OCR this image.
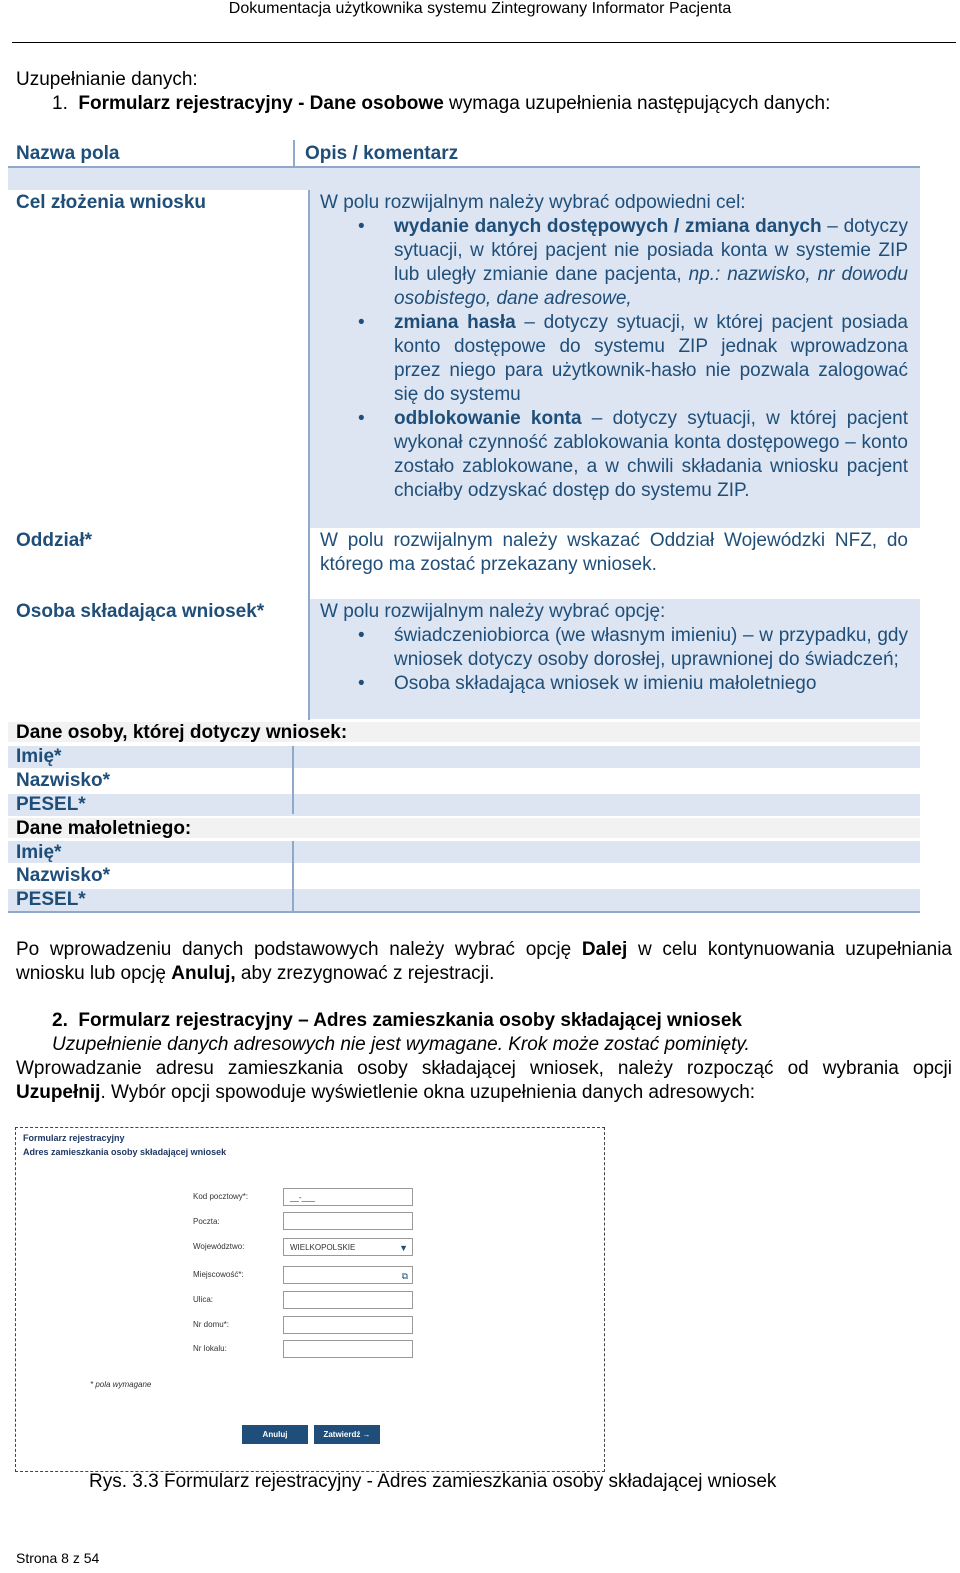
Dokumentacja użytkownika systemu Zintegrowany Informator Pacjenta
Uzupełnianie danych:
1. Formularz rejestracyjny - Dane osobowe wymaga uzupełnienia następujących danych:
Nazwa pola	Opis / komentarz
Cel złożenia wniosku	W polu rozwijalnym należy wybrać odpowiedni cel:
• wydanie danych dostępowych / zmiana danych – dotyczy sytuacji, w której pacjent nie posiada konta w systemie ZIP lub uległy zmianie dane pacjenta, np.: nazwisko, nr dowodu osobistego, dane adresowe,
• zmiana hasła – dotyczy sytuacji, w której pacjent posiada konto dostępowe do systemu ZIP jednak wprowadzona przez niego para użytkownik-hasło nie pozwala zalogować się do systemu
• odblokowanie konta – dotyczy sytuacji, w której pacjent wykonał czynność zablokowania konta dostępowego – konto zostało zablokowane, a w chwili składania wniosku pacjent chciałby odzyskać dostęp do systemu ZIP.
Oddział*	W polu rozwijalnym należy wskazać Oddział Wojewódzki NFZ, do którego ma zostać przekazany wniosek.
Osoba składająca wniosek*	W polu rozwijalnym należy wybrać opcję:
• świadczeniobiorca (we własnym imieniu) – w przypadku, gdy wniosek dotyczy osoby dorosłej, uprawnionej do świadczeń;
• Osoba składająca wniosek w imieniu małoletniego
Dane osoby, której dotyczy wniosek:
Imię*
Nazwisko*
PESEL*
Dane małoletniego:
Imię*
Nazwisko*
PESEL*
Po wprowadzeniu danych podstawowych należy wybrać opcję Dalej w celu kontynuowania uzupełniania wniosku lub opcję Anuluj, aby zrezygnować z rejestracji.
2. Formularz rejestracyjny – Adres zamieszkania osoby składającej wniosek
Uzupełnienie danych adresowych nie jest wymagane. Krok może zostać pominięty.
Wprowadzanie adresu zamieszkania osoby składającej wniosek, należy rozpocząć od wybrania opcji Uzupełnij. Wybór opcji spowoduje wyświetlenie okna uzupełnienia danych adresowych:
Formularz rejestracyjny
Adres zamieszkania osoby składającej wniosek
Kod pocztowy*:	__-___
Poczta:
Województwo:	WIELKOPOLSKIE	▼
Miejscowość*:	⧉
Ulica:
Nr domu*:
Nr lokalu:
* pola wymagane
Anuluj	Zatwierdź →
Rys. 3.3 Formularz rejestracyjny - Adres zamieszkania osoby składającej wniosek
Strona 8 z 54
